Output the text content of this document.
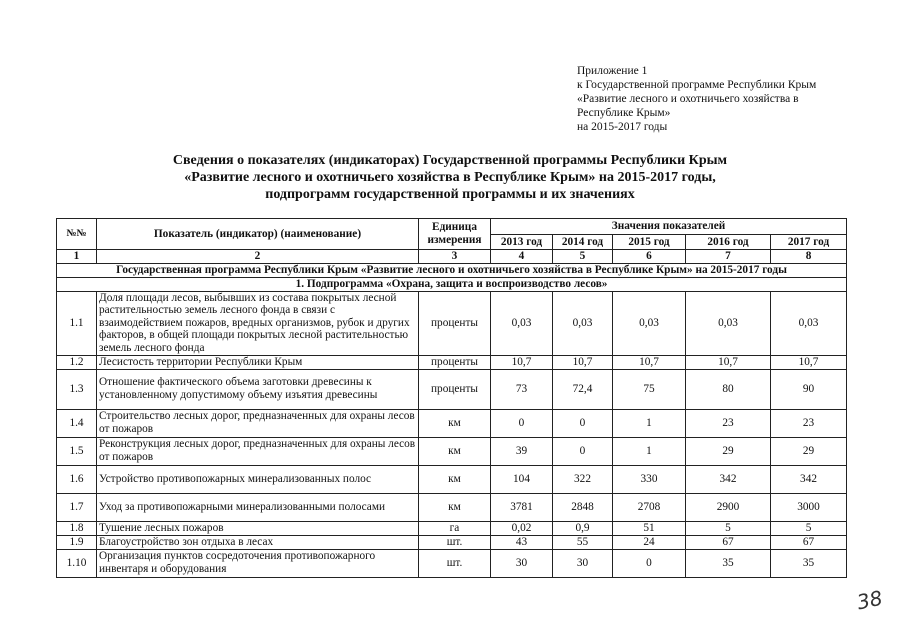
Приложение 1
к Государственной программе Республики Крым
«Развитие лесного и охотничьего хозяйства в
Республике Крым»
на 2015-2017 годы
Сведения о показателях (индикаторах) Государственной программы Республики Крым
«Развитие лесного и охотничьего хозяйства в Республике Крым» на 2015-2017 годы,
подпрограмм государственной программы и их значениях
№№	Показатель (индикатор) (наименование)	Единица измерения	Значения показателей				
			2013 год	2014 год	2015 год	2016 год	2017 год
1	2	3	4	5	6	7	8
Государственная программа Республики Крым «Развитие лесного и охотничьего хозяйства в Республике Крым» на 2015-2017 годы							
1. Подпрограмма «Охрана, защита и воспроизводство лесов»							
1.1	Доля площади лесов, выбывших из состава покрытых лесной растительностью земель лесного фонда в связи с взаимодействием пожаров, вредных организмов, рубок и других факторов, в общей площади покрытых лесной растительностью земель лесного фонда	проценты	0,03	0,03	0,03	0,03	0,03
1.2	Лесистость территории Республики Крым	проценты	10,7	10,7	10,7	10,7	10,7
1.3	Отношение фактического объема заготовки древесины к установленному допустимому объему изъятия древесины	проценты	73	72,4	75	80	90
1.4	Строительство лесных дорог, предназначенных для охраны лесов от пожаров	км	0	0	1	23	23
1.5	Реконструкция лесных дорог, предназначенных для охраны лесов от пожаров	км	39	0	1	29	29
1.6	Устройство противопожарных минерализованных полос	км	104	322	330	342	342
1.7	Уход за противопожарными минерализованными полосами	км	3781	2848	2708	2900	3000
1.8	Тушение лесных пожаров	га	0,02	0,9	51	5	5
1.9	Благоустройство зон отдыха в лесах	шт.	43	55	24	67	67
1.10	Организация пунктов сосредоточения противопожарного инвентаря и оборудования	шт.	30	30	0	35	35
38
